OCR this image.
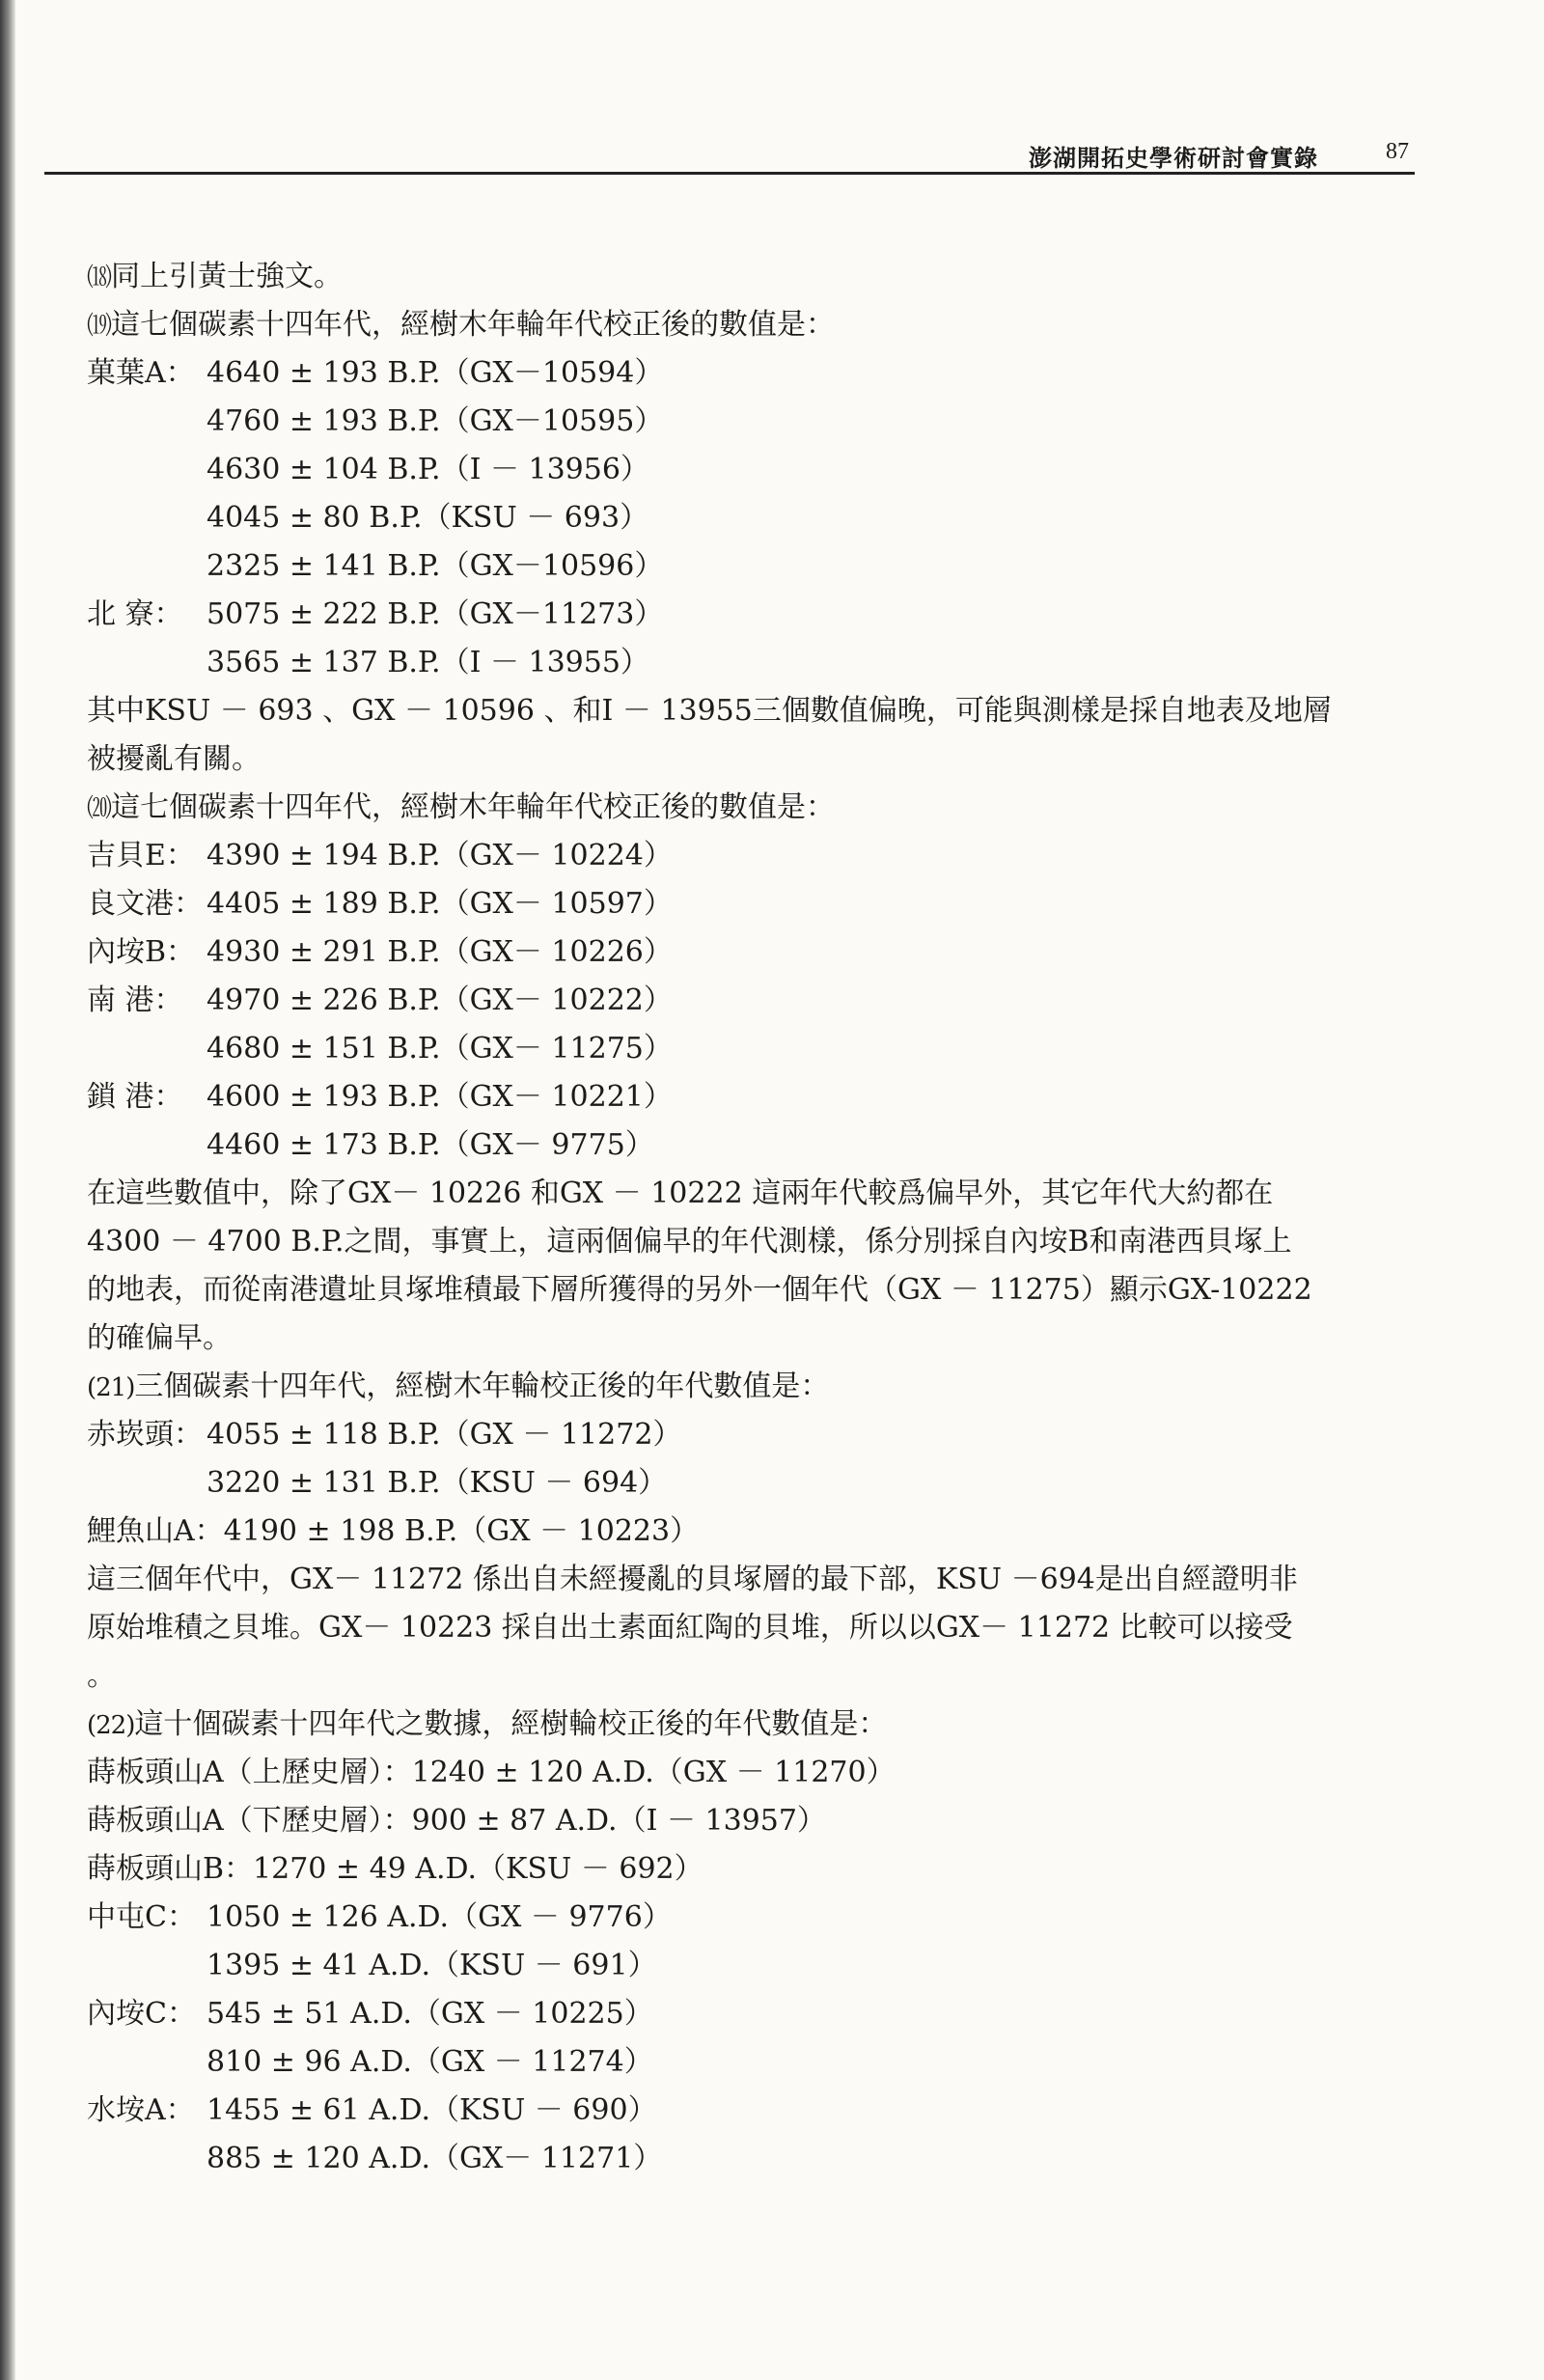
澎湖開拓史學術研討會實錄	87
⒅同上引黃士強文。
⒆這七個碳素十四年代，經樹木年輪年代校正後的數值是：
菓葉A： 4640 ± 193 B.P.（GX－10594）
4760 ± 193 B.P.（GX－10595）
4630 ± 104 B.P.（I － 13956）
4045 ± 80 B.P.（KSU － 693）
2325 ± 141 B.P.（GX－10596）
北 寮： 5075 ± 222 B.P.（GX－11273）
3565 ± 137 B.P.（I － 13955）
其中KSU － 693 、GX － 10596 、和I － 13955三個數值偏晚，可能與測樣是採自地表及地層
被擾亂有關。
⒇這七個碳素十四年代，經樹木年輪年代校正後的數值是：
吉貝E： 4390 ± 194 B.P.（GX－ 10224）
良文港： 4405 ± 189 B.P.（GX－ 10597）
內垵B： 4930 ± 291 B.P.（GX－ 10226）
南 港： 4970 ± 226 B.P.（GX－ 10222）
4680 ± 151 B.P.（GX－ 11275）
鎖 港： 4600 ± 193 B.P.（GX－ 10221）
4460 ± 173 B.P.（GX－ 9775）
在這些數值中，除了GX－ 10226 和GX － 10222 這兩年代較爲偏早外，其它年代大約都在
4300 － 4700 B.P.之間，事實上，這兩個偏早的年代測樣，係分別採自內垵B和南港西貝塚上
的地表，而從南港遺址貝塚堆積最下層所獲得的另外一個年代（GX － 11275）顯示GX-10222
的確偏早。
(21)三個碳素十四年代，經樹木年輪校正後的年代數值是：
赤崁頭： 4055 ± 118 B.P.（GX － 11272）
3220 ± 131 B.P.（KSU － 694）
鯉魚山A： 4190 ± 198 B.P.（GX － 10223）
這三個年代中，GX－ 11272 係出自未經擾亂的貝塚層的最下部，KSU －694是出自經證明非
原始堆積之貝堆。GX－ 10223 採自出土素面紅陶的貝堆，所以以GX－ 11272 比較可以接受
。
(22)這十個碳素十四年代之數據，經樹輪校正後的年代數值是：
蒔板頭山A（上歷史層）： 1240 ± 120 A.D.（GX － 11270）
蒔板頭山A（下歷史層）： 900 ± 87 A.D.（I － 13957）
蒔板頭山B： 1270 ± 49 A.D.（KSU － 692）
中屯C： 1050 ± 126 A.D.（GX － 9776）
1395 ± 41 A.D.（KSU － 691）
內垵C： 545 ± 51 A.D.（GX － 10225）
810 ± 96 A.D.（GX － 11274）
水垵A： 1455 ± 61 A.D.（KSU － 690）
885 ± 120 A.D.（GX－ 11271）
